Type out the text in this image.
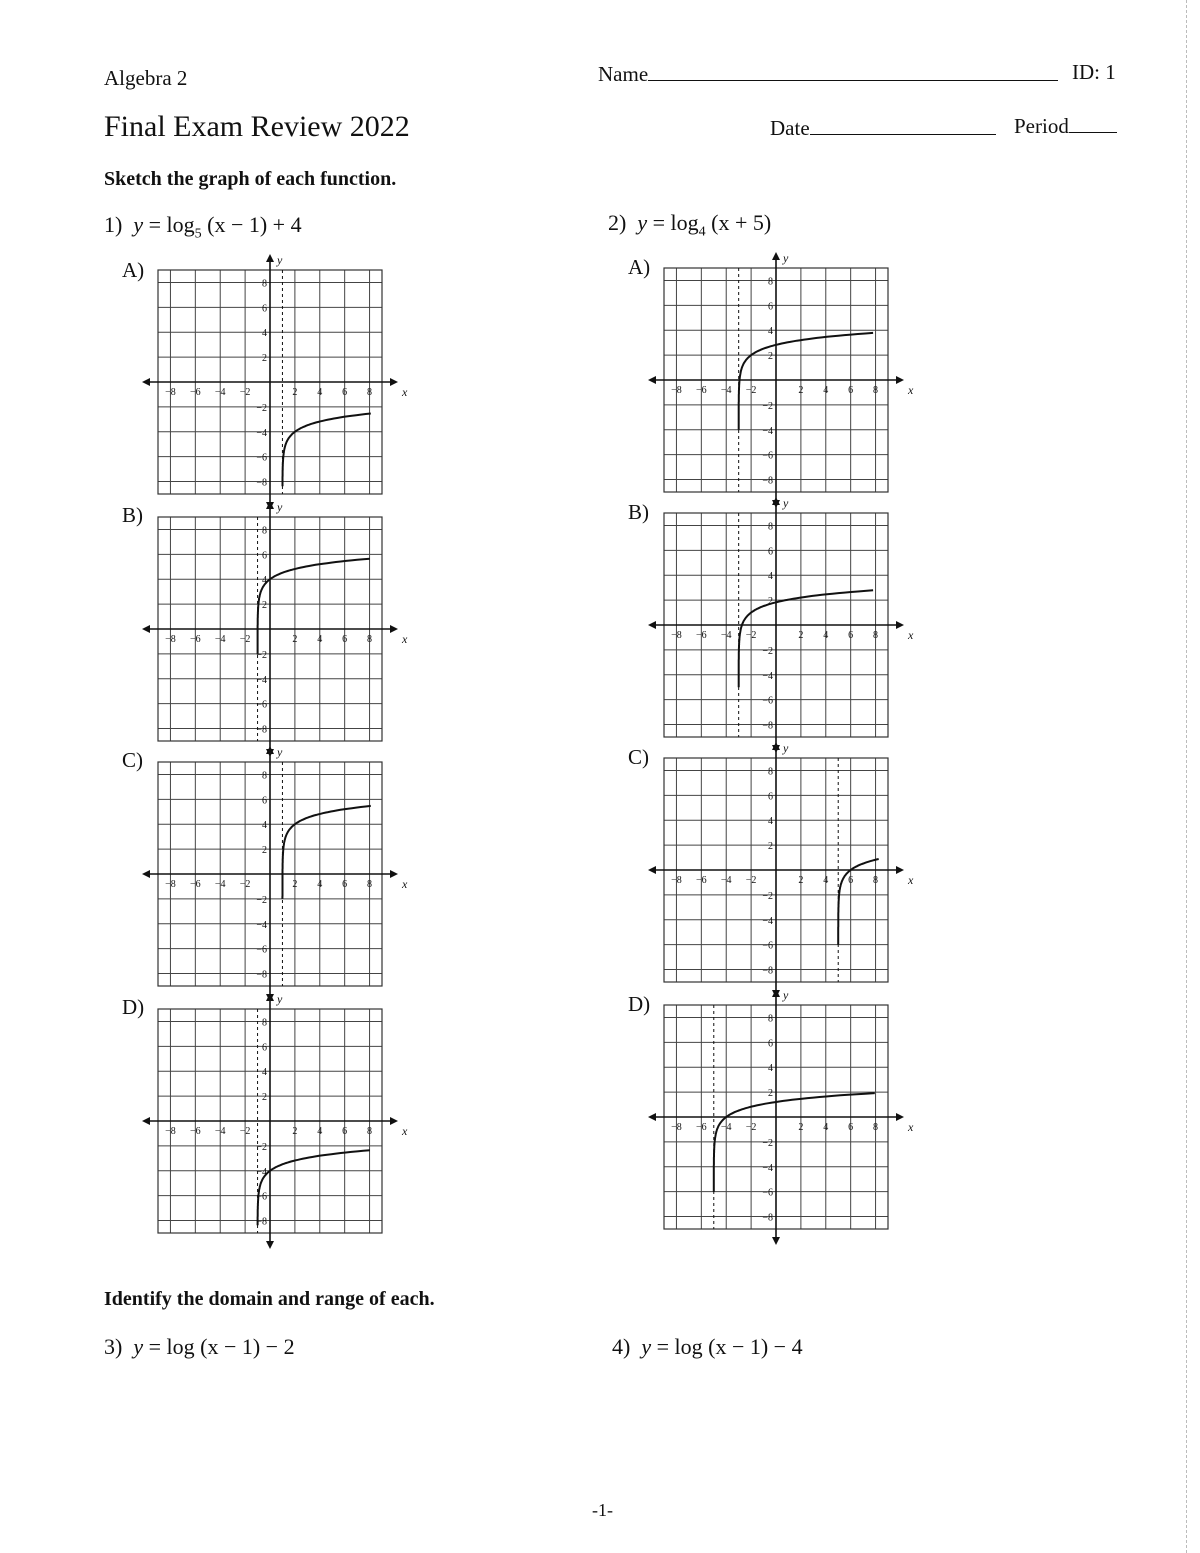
Algebra 2	Name	ID: 1
Final Exam Review 2022	Date	Period
Sketch the graph of each function.
1) $y = \log_5 (x - 1) + 4$	2) $y = \log_4 (x + 5)$
A)
B)
C)
D)
A)
B)
C)
D)
−8 −6 −4 −2	2 4 6 8
8
6
4
2
−2
−4
−6
−8
x
y
−8 −6 −4 −2	2 4 6 8
8
6
4
2
−2
−4
−6
−8
x
y
−8 −6 −4 −2	2 4 6 8
8
6
4
2
−2
−4
−6
−8
x
y
−8 −6 −4 −2	2 4 6 8
8
6
4
2
−2
−4
−6
−8
x
y
−8 −6 −4 −2	2 4 6 8
8
6
4
2
−2
−4
−6
−8
x
y
−8 −6 −4 −2	2 4 6 8
8
6
4
2
−2
−4
−6
−8
x
y
−8 −6 −4 −2	2 4 6 8
8
6
4
2
−2
−4
−6
−8
x
y
−8 −6 −4 −2	2 4 6 8
8
6
4
2
−2
−4
−6
−8
x
y
Identify the domain and range of each.
3) y = log (x − 1) − 2	4) y = log (x − 1) − 4
-1-
